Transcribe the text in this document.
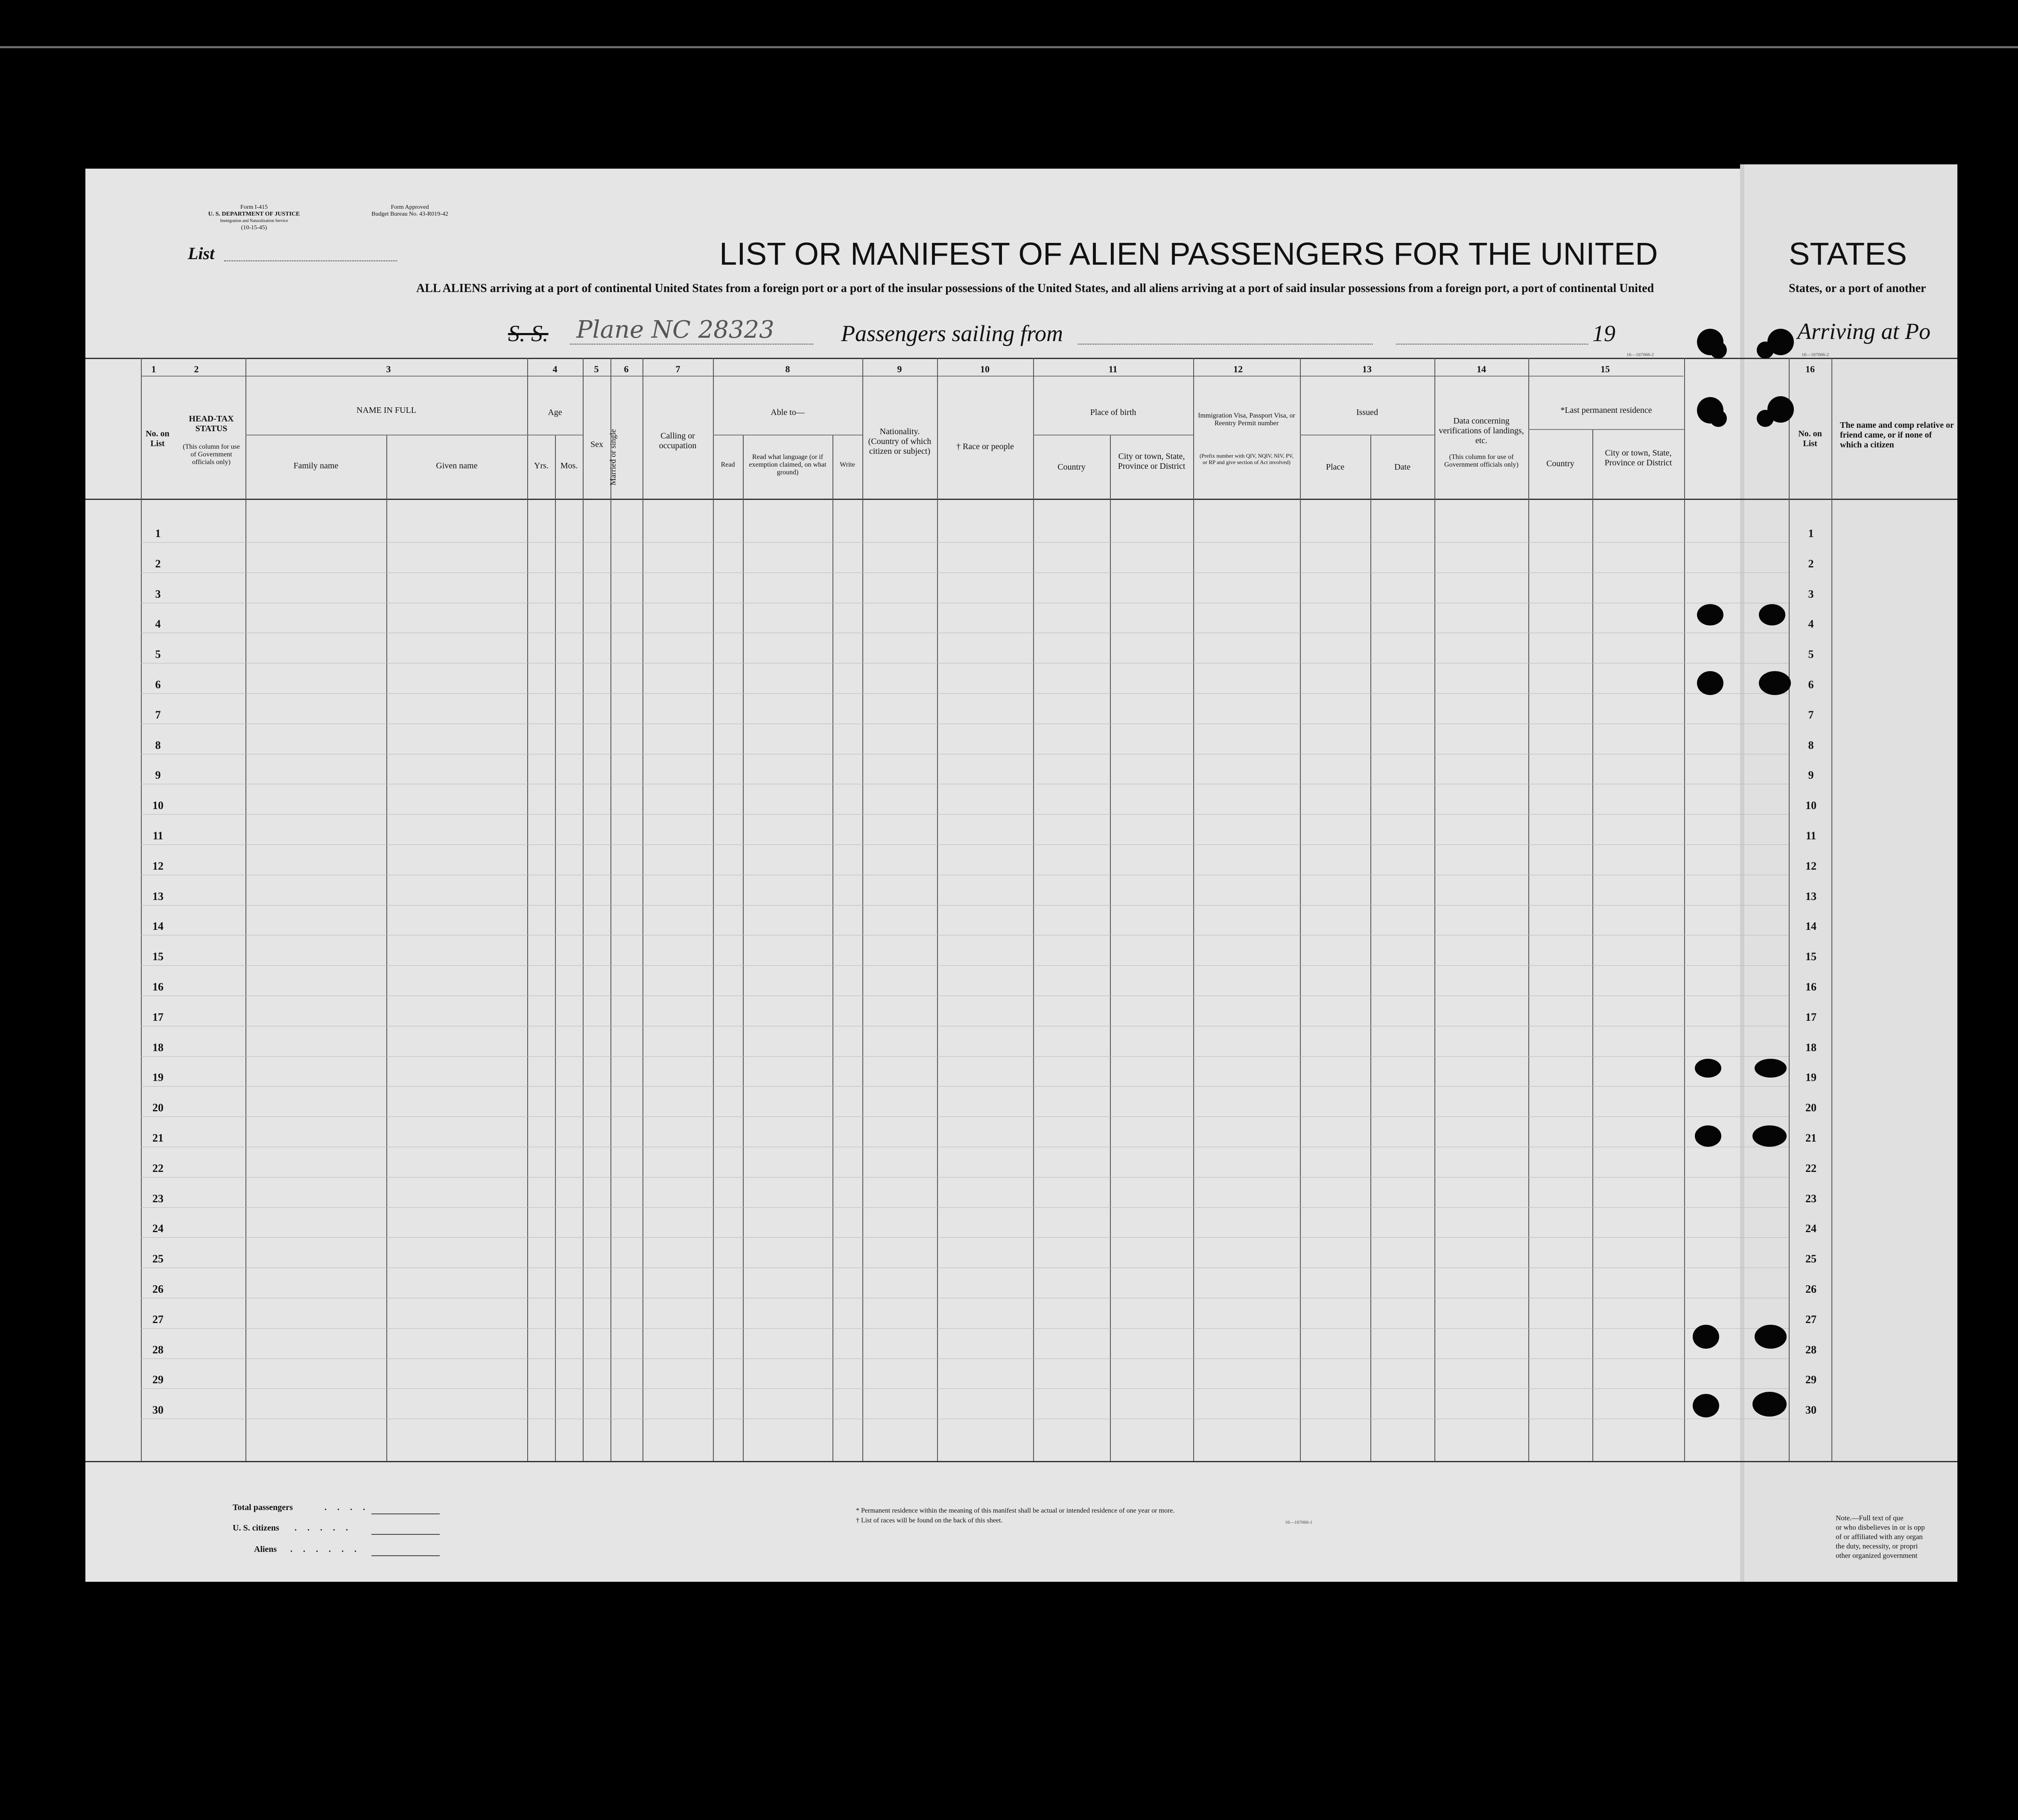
Form I-415
U. S. DEPARTMENT OF JUSTICE
Immigration and Naturalization Service
(10-15-45)
Form Approved
Budget Bureau No. 43-R019-42
List	LIST OR MANIFEST OF ALIEN PASSENGERS FOR THE UNITED	STATES
ALL ALIENS arriving at a port of continental United States from a foreign port or a port of the insular possessions of the United States, and all aliens arriving at a port of said insular possessions from a foreign port, a port of continental United	States, or a port of another
S. S. Plane NC 28323	Passengers sailing from	19	Arriving at Po
16—167066-2	16—167066-2
1	2	3	4	5	6	7	8	9	10	11	12	13	14	15	16
No. on List
HEAD-TAX STATUS
(This column for use of Government officials only)
NAME IN FULL
Family name	Given name
Age
Yrs.	Mos.
Sex Married or single	Calling or occupation
Able to—
Read
Read what language (or if exemption claimed, on what ground)
Write
Nationality. (Country of which citizen or subject)	† Race or people
Place of birth
Country
City or town, State, Province or District
Immigration Visa, Passport Visa, or Reentry Permit number
(Prefix number with QIV, NQIV, NIV, PV, or RP and give section of Act involved)
Issued
Place	Date
Data concerning verifications of landings, etc.
(This column for use of Government officials only)
*Last permanent residence
Country
City or town, State, Province or District
No. on List
The name and comp relative or friend came, or if none of which a citizen
1	1
2	2
3	3
4	4
5	5
6	6
7	7
8	8
9	9
10	10
11	11
12	12
13	13
14	14
15	15
16	16
17	17
18	18
19	19
20	20
21	21
22	22
23	23
24	24
25	25
26	26
27	27
28	28
29	29
30	30
Total passengers	. . . .
U. S. citizens . . . . .
Aliens . . . . . .
* Permanent residence within the meaning of this manifest shall be actual or intended residence of one year or more.
† List of races will be found on the back of this sheet.	16—167066-1
Note.—Full text of que
or who disbelieves in or is opp
of or affiliated with any organ
the duty, necessity, or propri
other organized government
